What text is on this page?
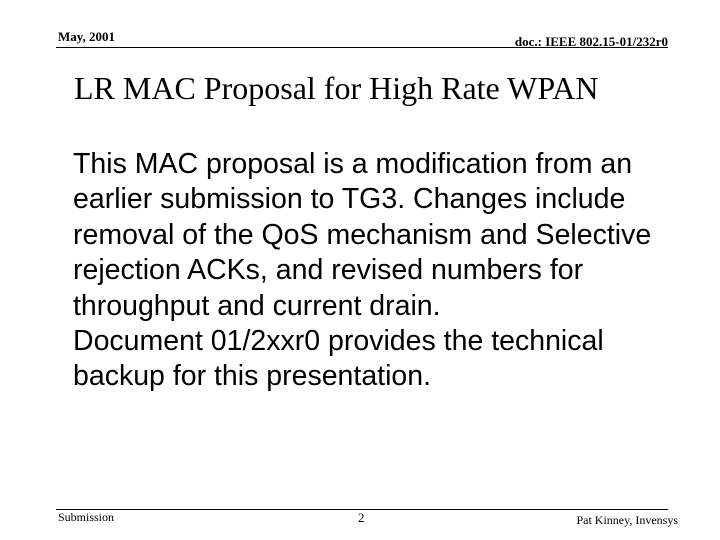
May, 2001	doc.: IEEE 802.15-01/232r0
LR MAC Proposal for High Rate WPAN

This MAC proposal is a modification from an earlier submission to TG3. Changes include removal of the QoS mechanism and Selective rejection ACKs, and revised numbers for throughput and current drain.

Document 01/2xxr0 provides the technical backup for this presentation.

Submission	2	Pat Kinney, Invensys
